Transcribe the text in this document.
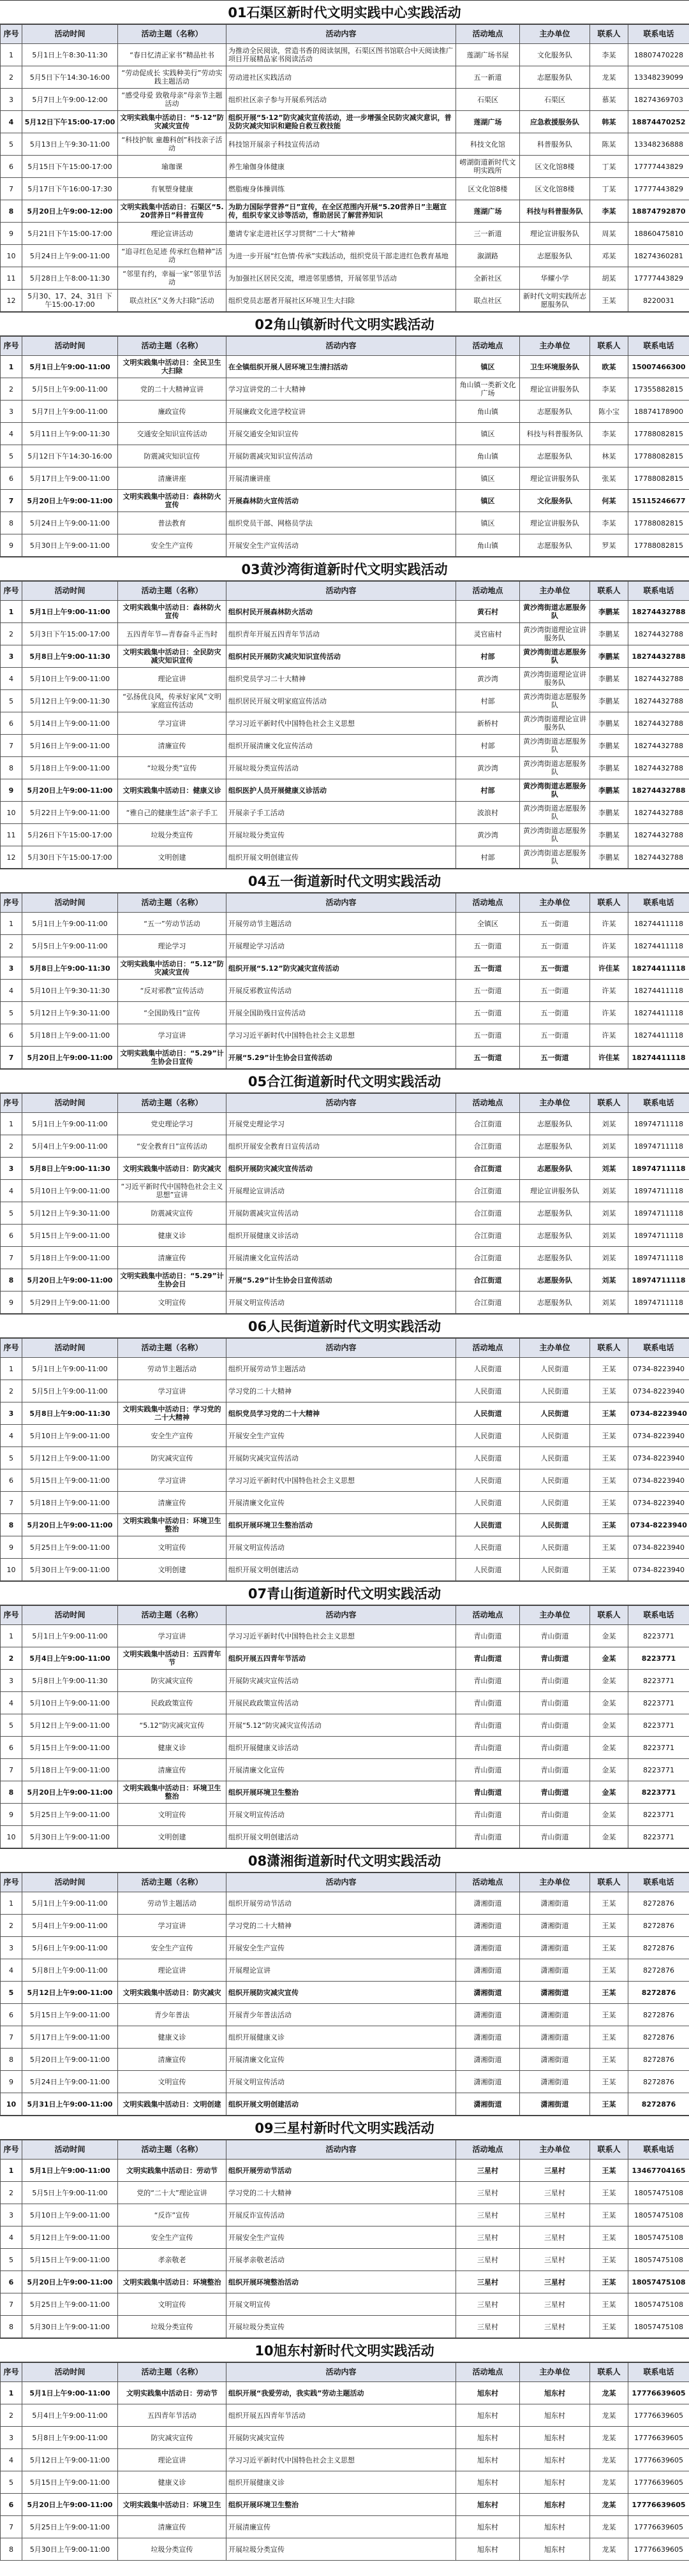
01石渠区新时代文明实践中心实践活动
序号	活动时间	活动主题（名称）	活动内容	活动地点	主办单位	联系人	联系电话
1	5月1日上午8:30-11:30	“春日忆清正家书”精品社书	为推动全民阅读，营造书香的阅读氛围，石渠区图书馆联合中天阅读推广项目开展精品家书阅读活动	莲湖广场书屋	文化服务队	李某	18807470228
2	5月5日下午14:30-16:00	“劳动促成长 实践种美行”劳动实践主题活动	劳动进社区实践活动	五一新道	志愿服务队	龙某	13348239099
3	5月7日上午9:00-12:00	“感受母爱 致敬母亲”母亲节主题活动	组织社区亲子参与开展系列活动	石渠区	石渠区	慕某	18274369703
4	5月12日下午15:00-17:00	文明实践集中活动日：“5·12”防灾减灾宣传	组织开展“5·12”防灾减灾宣传活动，进一步增强全民防灾减灾意识，普及防灾减灾知识和避险自救互救技能	莲湖广场	应急救援服务队	韩某	18874470252
5	5月13日上午9:30-11:00	“科技护航 童趣科创”科技亲子活动	科技馆开展亲子科技宣传活动	科技文化馆	科普服务队	陈某	13348236888
6	5月15日下午15:00-17:00	瑜珈课	养生瑜伽身体健康	崂湖街道新时代文明实践所	区文化馆8楼	丁某	17777443829
7	5月17日下午16:00-17:30	有氧塑身健康	燃脂瘦身体操训练	区文化馆8楼	区文化馆8楼	丁某	17777443829
8	5月20日上午9:00-12:00	文明实践集中活动日：石渠区“5.20营养日”科普宣传	为助力国际学营养“日”宣传，在全区范围内开展“5.20营养日”主题宣传，组织专家义诊等活动，帮助居民了解营养知识	莲湖广场	科技与科普服务队	李某	18874792870
9	5月21日下午15:00-17:00	理论宣讲活动	邀请专家走进社区学习贯彻“二十大”精神	三一新道	理论宣讲服务队	周某	18860475810
10	5月24日上午9:00-11:00	“追寻红色足迹 传承红色精神”活动	为进一步开展“红色情·传承”实践活动，组织党员干部走进红色教育基地	溆湖路	志愿服务队	邓某	18274360281
11	5月28日上午8:00-11:30	“邻里有约，幸福一家”邻里节活动	为加强社区居民交流，增进邻里感情，开展邻里节活动	全新社区	华耀小学	胡某	17777443829
12	5月30、17、24、31日 下午15:00-17:00	联点社区“义务大扫除”活动	组织党员志愿者开展社区环境卫生大扫除	联点社区	新时代文明实践所志愿服务队	王某	8220031
02角山镇新时代文明实践活动
序号	活动时间	活动主题（名称）	活动内容	活动地点	主办单位	联系人	联系电话
1	5月1日上午9:00-11:00	文明实践集中活动日：全民卫生大扫除	在全镇组织开展人居环境卫生清扫活动	镇区	卫生环境服务队	欧某	15007466300
2	5月5日上午9:00-11:00	党的二十大精神宣讲	学习宣讲党的二十大精神	角山镇一类新文化广场	理论宣讲服务队	李某	17355882815
3	5月7日上午9:00-11:00	廉政宣传	开展廉政文化进学校宣讲	角山镇	志愿服务队	陈小宝	18874178900
4	5月11日上午9:00-11:30	交通安全知识宣传活动	开展交通安全知识宣传	镇区	科技与科普服务队	李某	17788082815
5	5月12日下午14:30-16:00	防震减灾知识宣传	开展防震减灾知识宣传活动	角山镇	志愿服务队	林某	17788082815
6	5月17日上午9:00-11:00	清廉讲座	开展清廉讲座	镇区	理论宣讲服务队	张某	17788082815
7	5月20日上午9:00-11:00	文明实践集中活动日：森林防火宣传	开展森林防火宣传活动	镇区	文化服务队	何某	15115246677
8	5月24日上午9:00-11:00	普法教育	组织党员干部、网格员学法	镇区	理论宣讲服务队	李某	17788082815
9	5月30日上午9:00-11:00	安全生产宣传	开展安全生产宣传活动	角山镇	志愿服务队	罗某	17788082815
03黄沙湾街道新时代文明实践活动
序号	活动时间	活动主题（名称）	活动内容	活动地点	主办单位	联系人	联系电话
1	5月1日上午9:00-11:00	文明实践集中活动日：森林防火宣传	组织村民开展森林防火活动	黄石村	黄沙湾街道志愿服务队	李鹏某	18274432788
2	5月3日下午15:00-17:00	五四青年节—青春奋斗正当时	组织青年开展五四青年节活动	灵官庙村	黄沙湾街道理论宣讲服务队	李鹏某	18274432788
3	5月8日上午9:00-11:30	文明实践集中活动日：全民防灾减灾知识宣传	组织村民开展防灾减灾知识宣传活动	村部	黄沙湾街道志愿服务队	李鹏某	18274432788
4	5月10日上午9:00-11:00	理论宣讲	组织党员学习二十大精神	黄沙湾	黄沙湾街道理论宣讲服务队	李鹏某	18274432788
5	5月12日上午9:00-11:30	“弘扬优良风，传承好家风”文明家庭宣传活动	组织居民开展文明家庭宣传活动	村部	黄沙湾街道志愿服务队	李鹏某	18274432788
6	5月14日上午9:00-11:00	学习宣讲	学习习近平新时代中国特色社会主义思想	新桥村	黄沙湾街道理论宣讲服务队	李鹏某	18274432788
7	5月16日上午9:00-11:00	清廉宣传	组织开展清廉文化宣传活动	村部	黄沙湾街道志愿服务队	李鹏某	18274432788
8	5月18日上午9:00-11:00	“垃圾分类”宣传	开展垃圾分类宣传活动	黄沙湾	黄沙湾街道志愿服务队	李鹏某	18274432788
9	5月20日上午9:00-11:00	文明实践集中活动日：健康义诊	组织医护人员开展健康义诊活动	村部	黄沙湾街道志愿服务队	李鹏某	18274432788
10	5月22日上午9:00-11:00	“雅自己的健康生活”亲子手工	开展亲子手工活动	波浪村	黄沙湾街道志愿服务队	李鹏某	18274432788
11	5月26日下午15:00-17:00	垃圾分类宣传	开展垃圾分类宣传	黄沙湾	黄沙湾街道志愿服务队	李鹏某	18274432788
12	5月30日下午15:00-17:00	文明创建	组织开展文明创建宣传	村部	黄沙湾街道志愿服务队	李鹏某	18274432788
04五一街道新时代文明实践活动
序号	活动时间	活动主题（名称）	活动内容	活动地点	主办单位	联系人	联系电话
1	5月1日上午9:00-11:00	“五一”劳动节活动	开展劳动节主题活动	全镇区	五一街道	许某	18274411118
2	5月5日上午9:00-11:00	理论学习	开展理论学习活动	五一街道	五一街道	许某	18274411118
3	5月8日上午9:00-11:30	文明实践集中活动日：“5.12”防灾减灾宣传	组织开展“5.12”防灾减灾宣传活动	五一街道	五一街道	许佳某	18274411118
4	5月10日上午9:30-11:30	“反对邪教”宣传活动	开展反邪教宣传活动	五一街道	五一街道	许某	18274411118
5	5月12日上午9:30-11:00	“全国助残日”宣传	开展全国助残日宣传活动	五一街道	五一街道	许某	18274411118
6	5月18日上午9:00-11:00	学习宣讲	学习习近平新时代中国特色社会主义思想	五一街道	五一街道	许某	18274411118
7	5月20日上午9:00-11:00	文明实践集中活动日：“5.29”计生协会日宣传	开展“5.29”计生协会日宣传活动	五一街道	五一街道	许佳某	18274411118
05合江街道新时代文明实践活动
序号	活动时间	活动主题（名称）	活动内容	活动地点	主办单位	联系人	联系电话
1	5月1日上午9:00-11:00	党史理论学习	开展党史理论学习	合江街道	志愿服务队	刘某	18974711118
2	5月4日上午9:00-11:00	“安全教育日”宣传活动	组织开展安全教育日宣传活动	合江街道	志愿服务队	刘某	18974711118
3	5月8日上午9:00-11:30	文明实践集中活动日：防灾减灾	组织开展防灾减灾宣传活动	合江街道	志愿服务队	刘某	18974711118
4	5月10日上午9:00-11:00	“习近平新时代中国特色社会主义思想”宣讲	开展理论宣讲活动	合江街道	理论宣讲服务队	刘某	18974711118
5	5月12日上午9:30-11:00	防震减灾宣传	开展防震减灾宣传活动	合江街道	志愿服务队	刘某	18974711118
6	5月15日上午9:00-11:00	健康义诊	组织开展健康义诊活动	合江街道	志愿服务队	刘某	18974711118
7	5月18日上午9:00-11:00	清廉宣传	开展清廉文化宣传活动	合江街道	志愿服务队	刘某	18974711118
8	5月20日上午9:00-11:00	文明实践集中活动日：“5.29”计生协会日	开展“5.29”计生协会日宣传活动	合江街道	志愿服务队	刘某	18974711118
9	5月29日上午9:00-11:00	文明宣传	开展文明宣传活动	合江街道	志愿服务队	刘某	18974711118
06人民街道新时代文明实践活动
序号	活动时间	活动主题（名称）	活动内容	活动地点	主办单位	联系人	联系电话
1	5月1日上午9:00-11:00	劳动节主题活动	组织开展劳动节主题活动	人民街道	人民街道	王某	0734-8223940
2	5月5日上午9:00-11:00	学习宣讲	学习党的二十大精神	人民街道	人民街道	王某	0734-8223940
3	5月8日上午9:00-11:30	文明实践集中活动日：学习党的二十大精神	组织党员学习党的二十大精神	人民街道	人民街道	王某	0734-8223940
4	5月10日上午9:00-11:00	安全生产宣传	开展安全生产宣传	人民街道	人民街道	王某	0734-8223940
5	5月12日上午9:00-11:00	防灾减灾宣传	开展防灾减灾宣传活动	人民街道	人民街道	王某	0734-8223940
6	5月15日上午9:00-11:00	学习宣讲	学习习近平新时代中国特色社会主义思想	人民街道	人民街道	王某	0734-8223940
7	5月18日上午9:00-11:00	清廉宣传	开展清廉文化宣传	人民街道	人民街道	王某	0734-8223940
8	5月20日上午9:00-11:00	文明实践集中活动日：环境卫生整治	组织开展环境卫生整治活动	人民街道	人民街道	王某	0734-8223940
9	5月25日上午9:00-11:00	文明宣传	开展文明宣传活动	人民街道	人民街道	王某	0734-8223940
10	5月30日上午9:00-11:00	文明创建	组织开展文明创建活动	人民街道	人民街道	王某	0734-8223940
07青山街道新时代文明实践活动
序号	活动时间	活动主题（名称）	活动内容	活动地点	主办单位	联系人	联系电话
1	5月1日上午9:00-11:00	学习宣讲	学习习近平新时代中国特色社会主义思想	青山街道	青山街道	金某	8223771
2	5月4日上午9:00-11:00	文明实践集中活动日：五四青年节	组织开展五四青年节活动	青山街道	青山街道	金某	8223771
3	5月8日上午9:00-11:30	防灾减灾宣传	开展防灾减灾宣传活动	青山街道	青山街道	金某	8223771
4	5月10日上午9:00-11:00	民政政策宣传	开展民政政策宣传活动	青山街道	青山街道	金某	8223771
5	5月12日上午9:00-11:00	“5.12”防灾减灾宣传	开展“5.12”防灾减灾宣传活动	青山街道	青山街道	金某	8223771
6	5月15日上午9:00-11:00	健康义诊	组织开展健康义诊活动	青山街道	青山街道	金某	8223771
7	5月18日上午9:00-11:00	清廉宣传	开展清廉文化宣传	青山街道	青山街道	金某	8223771
8	5月20日上午9:00-11:00	文明实践集中活动日：环境卫生整治	组织开展环境卫生整治	青山街道	青山街道	金某	8223771
9	5月25日上午9:00-11:00	文明宣传	开展文明宣传活动	青山街道	青山街道	金某	8223771
10	5月30日上午9:00-11:00	文明创建	组织开展文明创建活动	青山街道	青山街道	金某	8223771
08潇湘街道新时代文明实践活动
序号	活动时间	活动主题（名称）	活动内容	活动地点	主办单位	联系人	联系电话
1	5月1日上午9:00-11:00	劳动节主题活动	组织开展劳动节活动	潇湘街道	潇湘街道	王某	8272876
2	5月4日上午9:00-11:00	学习宣讲	学习党的二十大精神	潇湘街道	潇湘街道	王某	8272876
3	5月6日上午9:00-11:00	安全生产宣传	开展安全生产宣传	潇湘街道	潇湘街道	王某	8272876
4	5月8日上午9:00-11:00	理论宣讲	开展理论宣讲	潇湘街道	潇湘街道	王某	8272876
5	5月12日上午9:00-11:00	文明实践集中活动日：防灾减灾	组织开展防灾减灾宣传	潇湘街道	潇湘街道	王某	8272876
6	5月15日上午9:00-11:00	青少年普法	开展青少年普法活动	潇湘街道	潇湘街道	王某	8272876
7	5月17日上午9:00-11:00	健康义诊	组织开展健康义诊	潇湘街道	潇湘街道	王某	8272876
8	5月20日上午9:00-11:00	清廉宣传	开展清廉文化宣传	潇湘街道	潇湘街道	王某	8272876
9	5月24日上午9:00-11:00	文明宣传	开展文明宣传活动	潇湘街道	潇湘街道	王某	8272876
10	5月31日上午9:00-11:00	文明实践集中活动日：文明创建	组织开展文明创建活动	潇湘街道	潇湘街道	王某	8272876
09三星村新时代文明实践活动
序号	活动时间	活动主题（名称）	活动内容	活动地点	主办单位	联系人	联系电话
1	5月1日上午9:00-11:00	文明实践集中活动日：劳动节	组织开展劳动节活动	三星村	三星村	王某	13467704165
2	5月5日上午9:00-11:00	党的“二十大”理论宣讲	学习党的二十大精神	三星村	三星村	王某	18057475108
3	5月10日上午9:00-11:00	“反诈”宣传	开展反诈宣传活动	三星村	三星村	王某	18057475108
4	5月12日上午9:00-11:00	安全生产宣传	开展安全生产宣传	三星村	三星村	王某	18057475108
5	5月15日上午9:00-11:00	孝亲敬老	开展孝亲敬老活动	三星村	三星村	王某	18057475108
6	5月20日上午9:00-11:00	文明实践集中活动日：环境整治	组织开展环境整治活动	三星村	三星村	王某	18057475108
7	5月25日上午9:00-11:00	文明宣传	开展文明宣传	三星村	三星村	王某	18057475108
8	5月30日上午9:00-11:00	垃圾分类宣传	开展垃圾分类宣传	三星村	三星村	王某	18057475108
10旭东村新时代文明实践活动
序号	活动时间	活动主题（名称）	活动内容	活动地点	主办单位	联系人	联系电话
1	5月1日上午9:00-11:00	文明实践集中活动日：劳动节	组织开展“我爱劳动，我实践”劳动主题活动	旭东村	旭东村	龙某	17776639605
2	5月4日上午9:00-11:00	五四青年节活动	组织开展五四青年节活动	旭东村	旭东村	龙某	17776639605
3	5月8日上午9:00-11:00	防灾减灾宣传	开展防灾减灾宣传	旭东村	旭东村	龙某	17776639605
4	5月12日上午9:00-11:00	理论宣讲	学习习近平新时代中国特色社会主义思想	旭东村	旭东村	龙某	17776639605
5	5月15日上午9:00-11:00	健康义诊	组织开展健康义诊	旭东村	旭东村	龙某	17776639605
6	5月20日上午9:00-11:00	文明实践集中活动日：环境卫生	组织开展环境卫生整治	旭东村	旭东村	龙某	17776639605
7	5月25日上午9:00-11:00	清廉宣传	开展清廉宣传	旭东村	旭东村	龙某	17776639605
8	5月30日上午9:00-11:00	垃圾分类宣传	开展垃圾分类宣传	旭东村	旭东村	龙某	17776639605
